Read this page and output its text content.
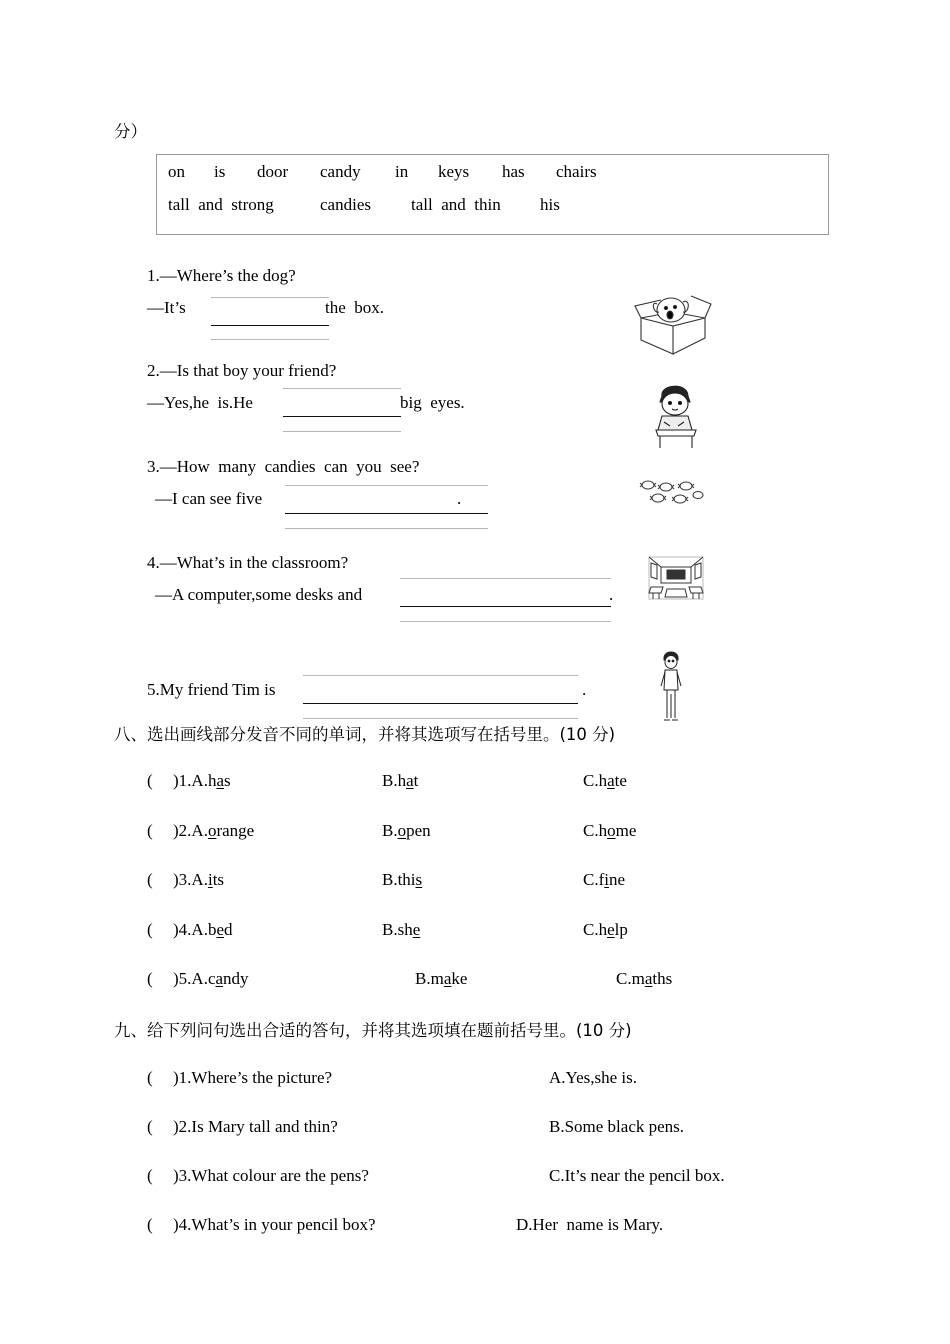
分）
on is door candy in keys has chairs
tall  and  strong	candies tall  and  thin his
1.—Where’s the dog?
—It’s	the  box.
2.—Is that boy your friend?
—Yes,he  is.He	big  eyes.
3.—How  many  candies  can  you  see?
—I can see five	.
4.—What’s in the classroom?
—A computer,some desks and	.
5.My friend Tim is	.
八、选出画线部分发音不同的单词，并将其选项写在括号里。(10 分)
( )1.A.has	B.hat	C.hate
( )2.A.orange	B.open	C.home
( )3.A.its	B.this	C.fine
( )4.A.bed	B.she	C.help
( )5.A.candy	B.make	C.maths
九、给下列问句选出合适的答句，并将其选项填在题前括号里。(10 分)
( )1.Where’s the picture?	A.Yes,she is.
( )2.Is Mary tall and thin?	B.Some black pens.
( )3.What colour are the pens?	C.It’s near the pencil box.
( )4.What’s in your pencil box?	D.Her  name is Mary.
